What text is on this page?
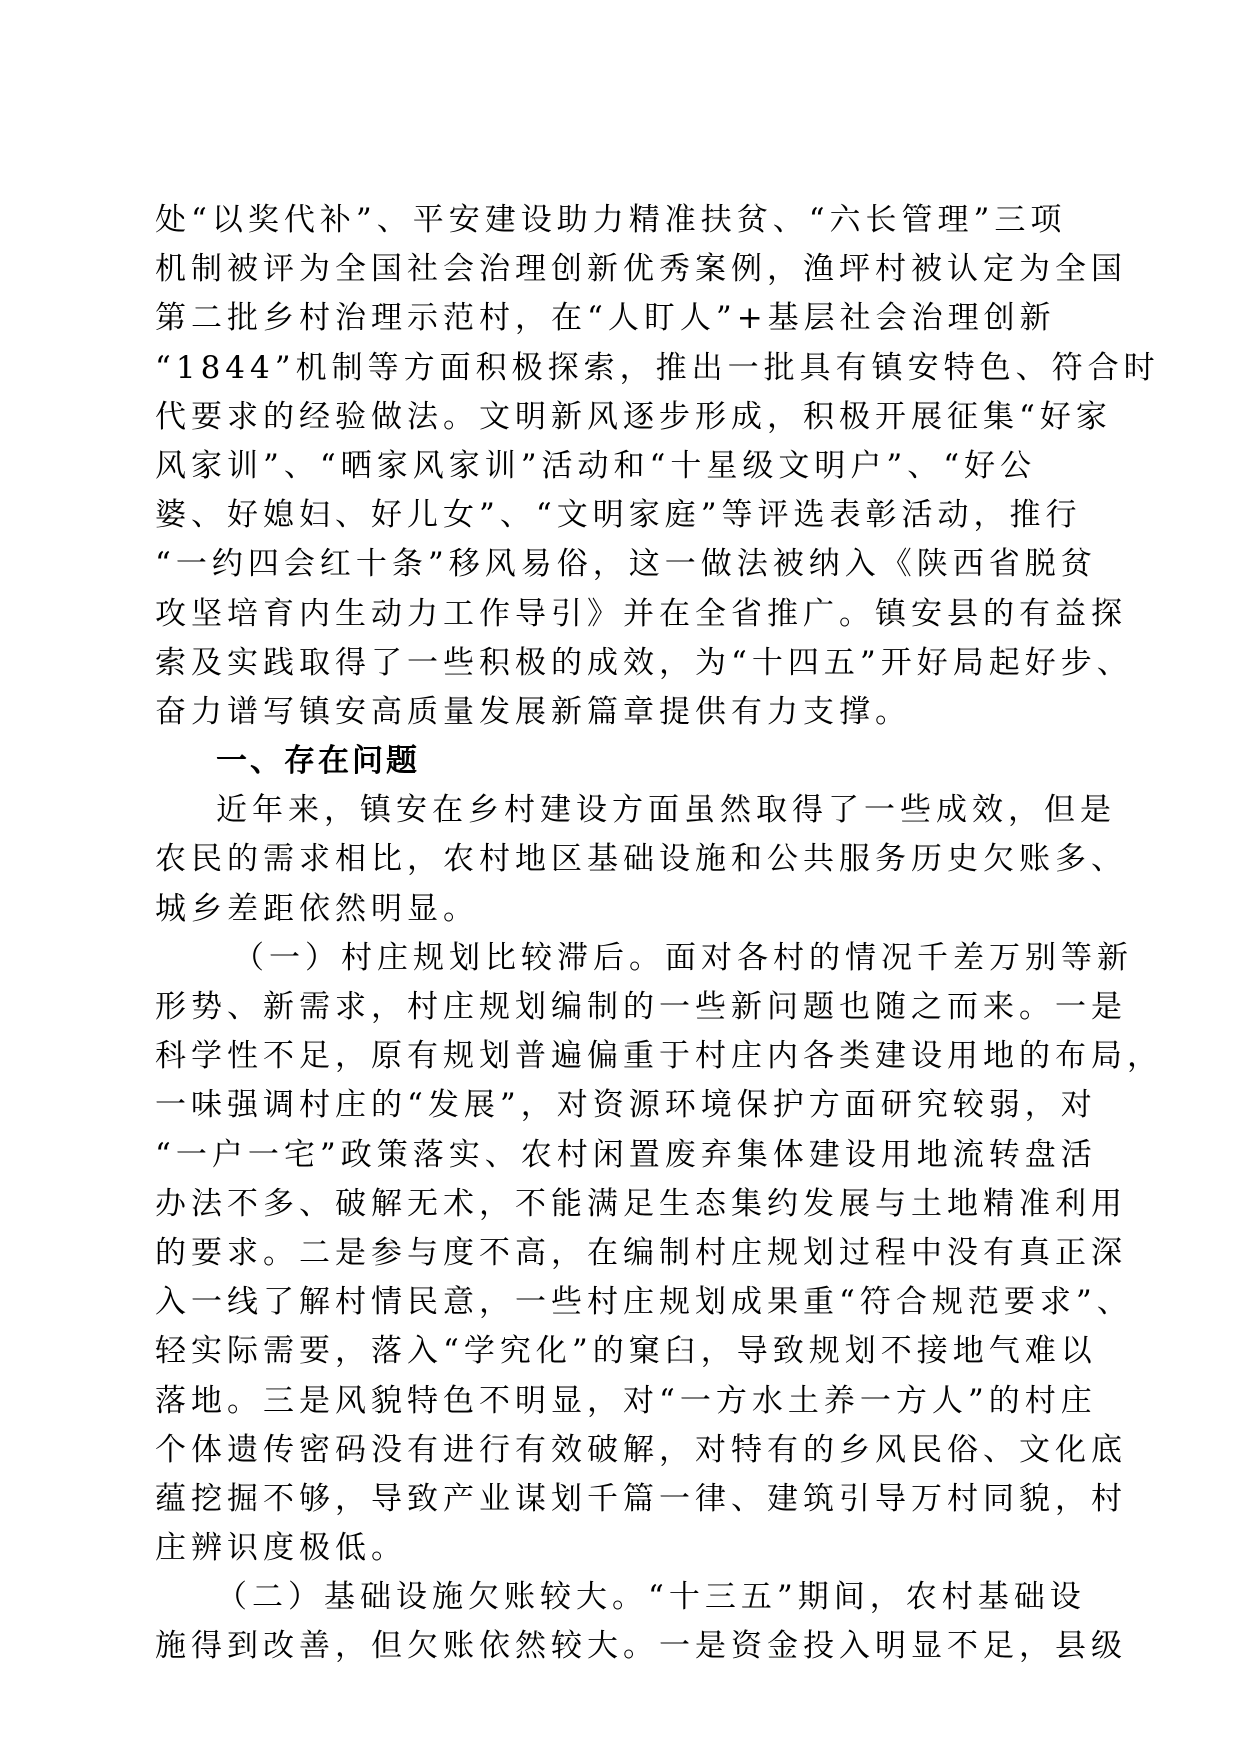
处“以奖代补”、平安建设助力精准扶贫、“六长管理”三项
机制被评为全国社会治理创新优秀案例，渔坪村被认定为全国
第二批乡村治理示范村，在“人盯人”+基层社会治理创新
“1844”机制等方面积极探索，推出一批具有镇安特色、符合时
代要求的经验做法。文明新风逐步形成，积极开展征集“好家
风家训”、“晒家风家训”活动和“十星级文明户”、“好公
婆、好媳妇、好儿女”、“文明家庭”等评选表彰活动，推行
“一约四会红十条”移风易俗，这一做法被纳入《陕西省脱贫
攻坚培育内生动力工作导引》并在全省推广。镇安县的有益探
索及实践取得了一些积极的成效，为“十四五”开好局起好步、
奋力谱写镇安高质量发展新篇章提供有力支撑。
一、存在问题
近年来，镇安在乡村建设方面虽然取得了一些成效，但是
农民的需求相比，农村地区基础设施和公共服务历史欠账多、
城乡差距依然明显。
（一）村庄规划比较滞后。面对各村的情况千差万别等新
形势、新需求，村庄规划编制的一些新问题也随之而来。一是
科学性不足，原有规划普遍偏重于村庄内各类建设用地的布局，
一味强调村庄的“发展”，对资源环境保护方面研究较弱，对
“一户一宅”政策落实、农村闲置废弃集体建设用地流转盘活
办法不多、破解无术，不能满足生态集约发展与土地精准利用
的要求。二是参与度不高，在编制村庄规划过程中没有真正深
入一线了解村情民意，一些村庄规划成果重“符合规范要求”、
轻实际需要，落入“学究化”的窠臼，导致规划不接地气难以
落地。三是风貌特色不明显，对“一方水土养一方人”的村庄
个体遗传密码没有进行有效破解，对特有的乡风民俗、文化底
蕴挖掘不够，导致产业谋划千篇一律、建筑引导万村同貌，村
庄辨识度极低。
（二）基础设施欠账较大。“十三五”期间，农村基础设
施得到改善，但欠账依然较大。一是资金投入明显不足，县级
